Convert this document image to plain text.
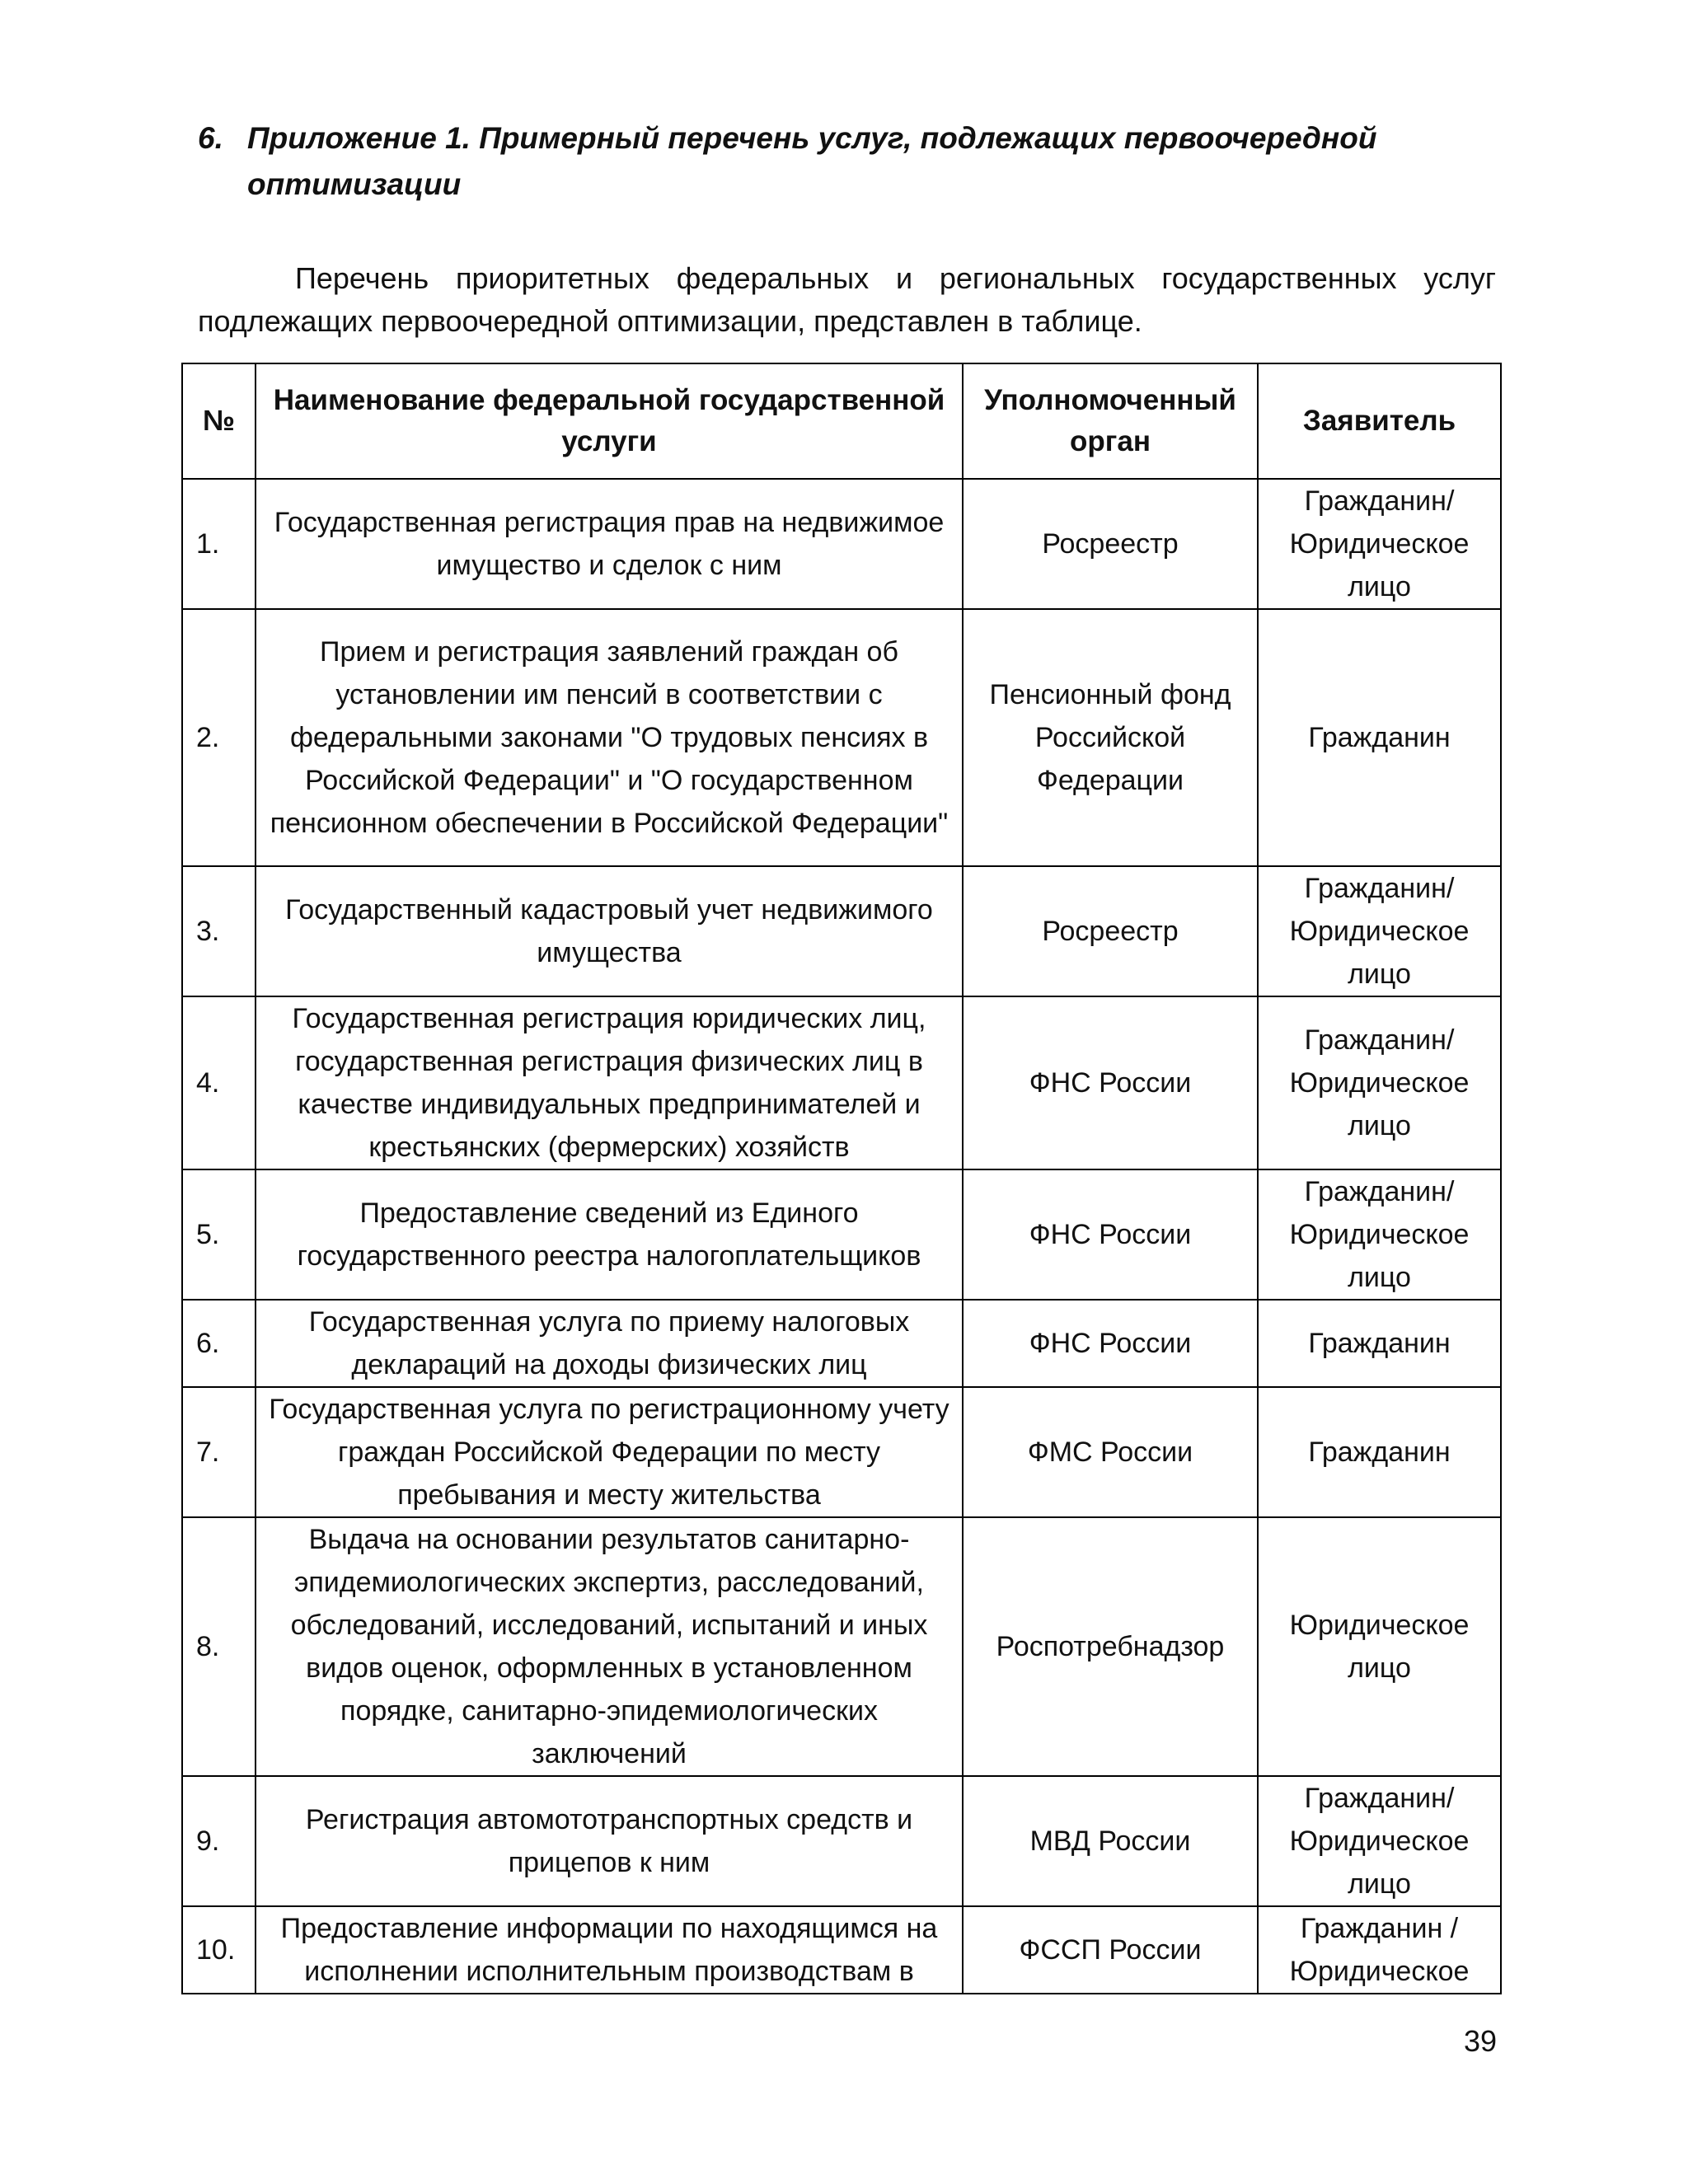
6. Приложение 1. Примерный перечень услуг, подлежащих первоочередной
оптимизации

Перечень приоритетных федеральных и региональных государственных услуг подлежащих первоочередной оптимизации, представлен в таблице.

№	Наименование федеральной государственной услуги	Уполномоченный орган	Заявитель
1.	Государственная регистрация прав на недвижимое имущество и сделок с ним	Росреестр	Гражданин/ Юридическое лицо
2.	Прием и регистрация заявлений граждан об установлении им пенсий в соответствии с федеральными законами "О трудовых пенсиях в Российской Федерации" и "О государственном пенсионном обеспечении в Российской Федерации"	Пенсионный фонд Российской Федерации	Гражданин
3.	Государственный кадастровый учет недвижимого имущества	Росреестр	Гражданин/ Юридическое лицо
4.	Государственная регистрация юридических лиц, государственная регистрация физических лиц в качестве индивидуальных предпринимателей и крестьянских (фермерских) хозяйств	ФНС России	Гражданин/ Юридическое лицо
5.	Предоставление сведений из Единого государственного реестра налогоплательщиков	ФНС России	Гражданин/ Юридическое лицо
6.	Государственная услуга по приему налоговых деклараций на доходы физических лиц	ФНС России	Гражданин
7.	Государственная услуга по регистрационному учету граждан Российской Федерации по месту пребывания и месту жительства	ФМС России	Гражданин
8.	Выдача на основании результатов санитарно-эпидемиологических экспертиз, расследований, обследований, исследований, испытаний и иных видов оценок, оформленных в установленном порядке, санитарно-эпидемиологических заключений	Роспотребнадзор	Юридическое лицо
9.	Регистрация автомототранспортных средств и прицепов к ним	МВД России	Гражданин/ Юридическое лицо
10.	Предоставление информации по находящимся на исполнении исполнительным производствам в	ФССП России	Гражданин /Юридическое
39
